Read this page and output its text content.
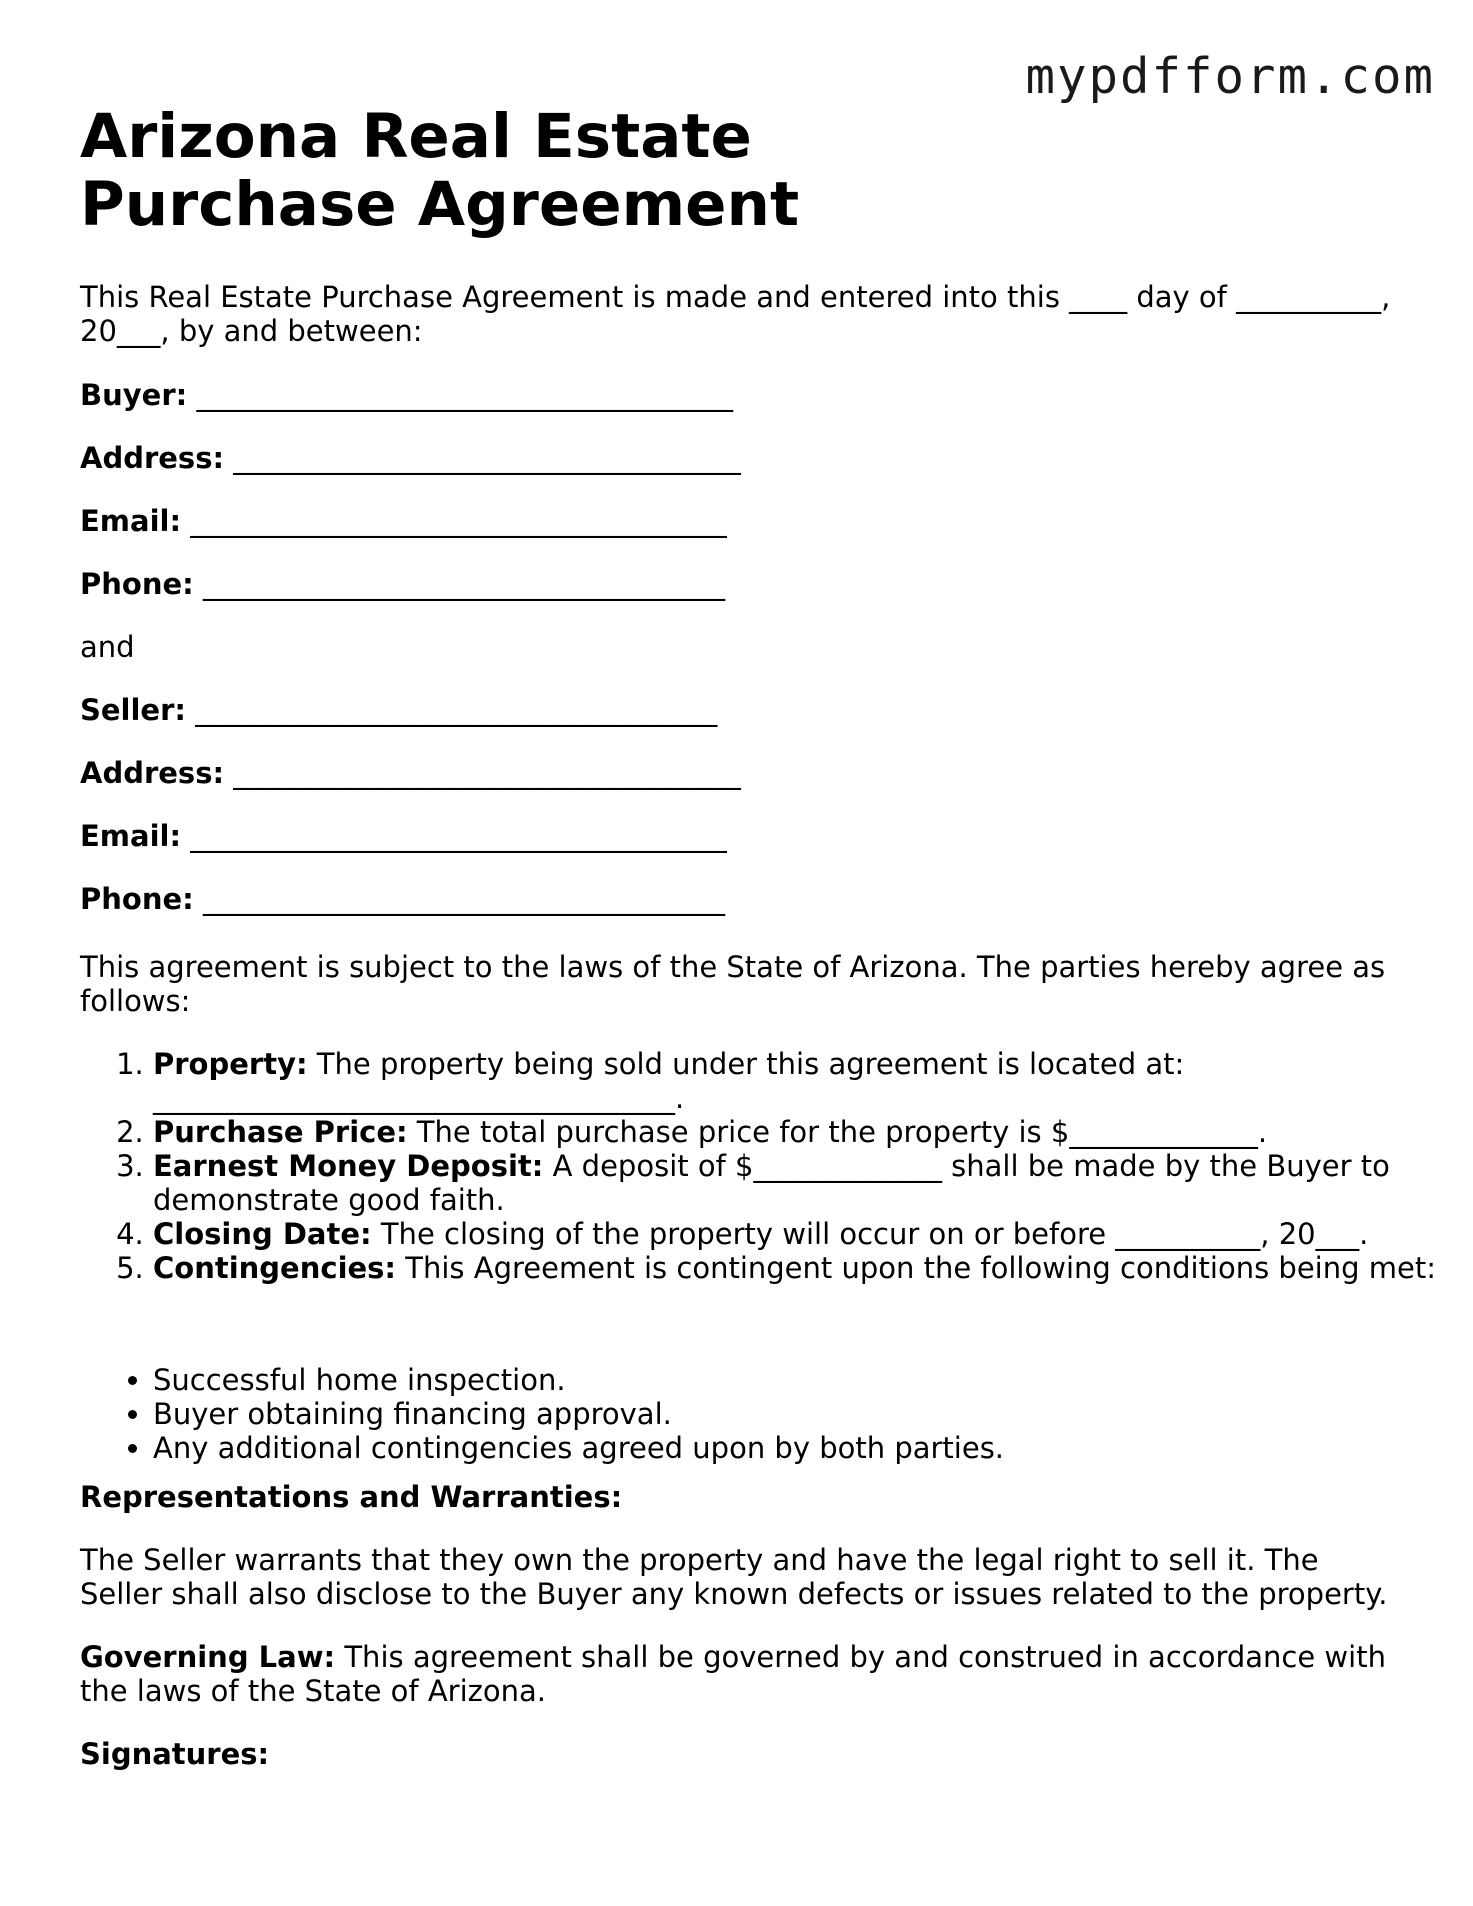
mypdfform.com

Arizona Real Estate Purchase Agreement

This Real Estate Purchase Agreement is made and entered into this ____ day of __________, 20___, by and between:

Buyer: _____________________________________

Address: ___________________________________

Email: _____________________________________

Phone: ____________________________________

and

Seller: ____________________________________

Address: ___________________________________

Email: _____________________________________

Phone: ____________________________________

This agreement is subject to the laws of the State of Arizona. The parties hereby agree as follows:

1. Property: The property being sold under this agreement is located at: ____________________________________.
2. Purchase Price: The total purchase price for the property is $_____________.
3. Earnest Money Deposit: A deposit of $_____________ shall be made by the Buyer to demonstrate good faith.
4. Closing Date: The closing of the property will occur on or before __________, 20___.
5. Contingencies: This Agreement is contingent upon the following conditions being met:
• Successful home inspection.
• Buyer obtaining financing approval.
• Any additional contingencies agreed upon by both parties.

Representations and Warranties:

The Seller warrants that they own the property and have the legal right to sell it. The Seller shall also disclose to the Buyer any known defects or issues related to the property.

Governing Law: This agreement shall be governed by and construed in accordance with the laws of the State of Arizona.

Signatures:
